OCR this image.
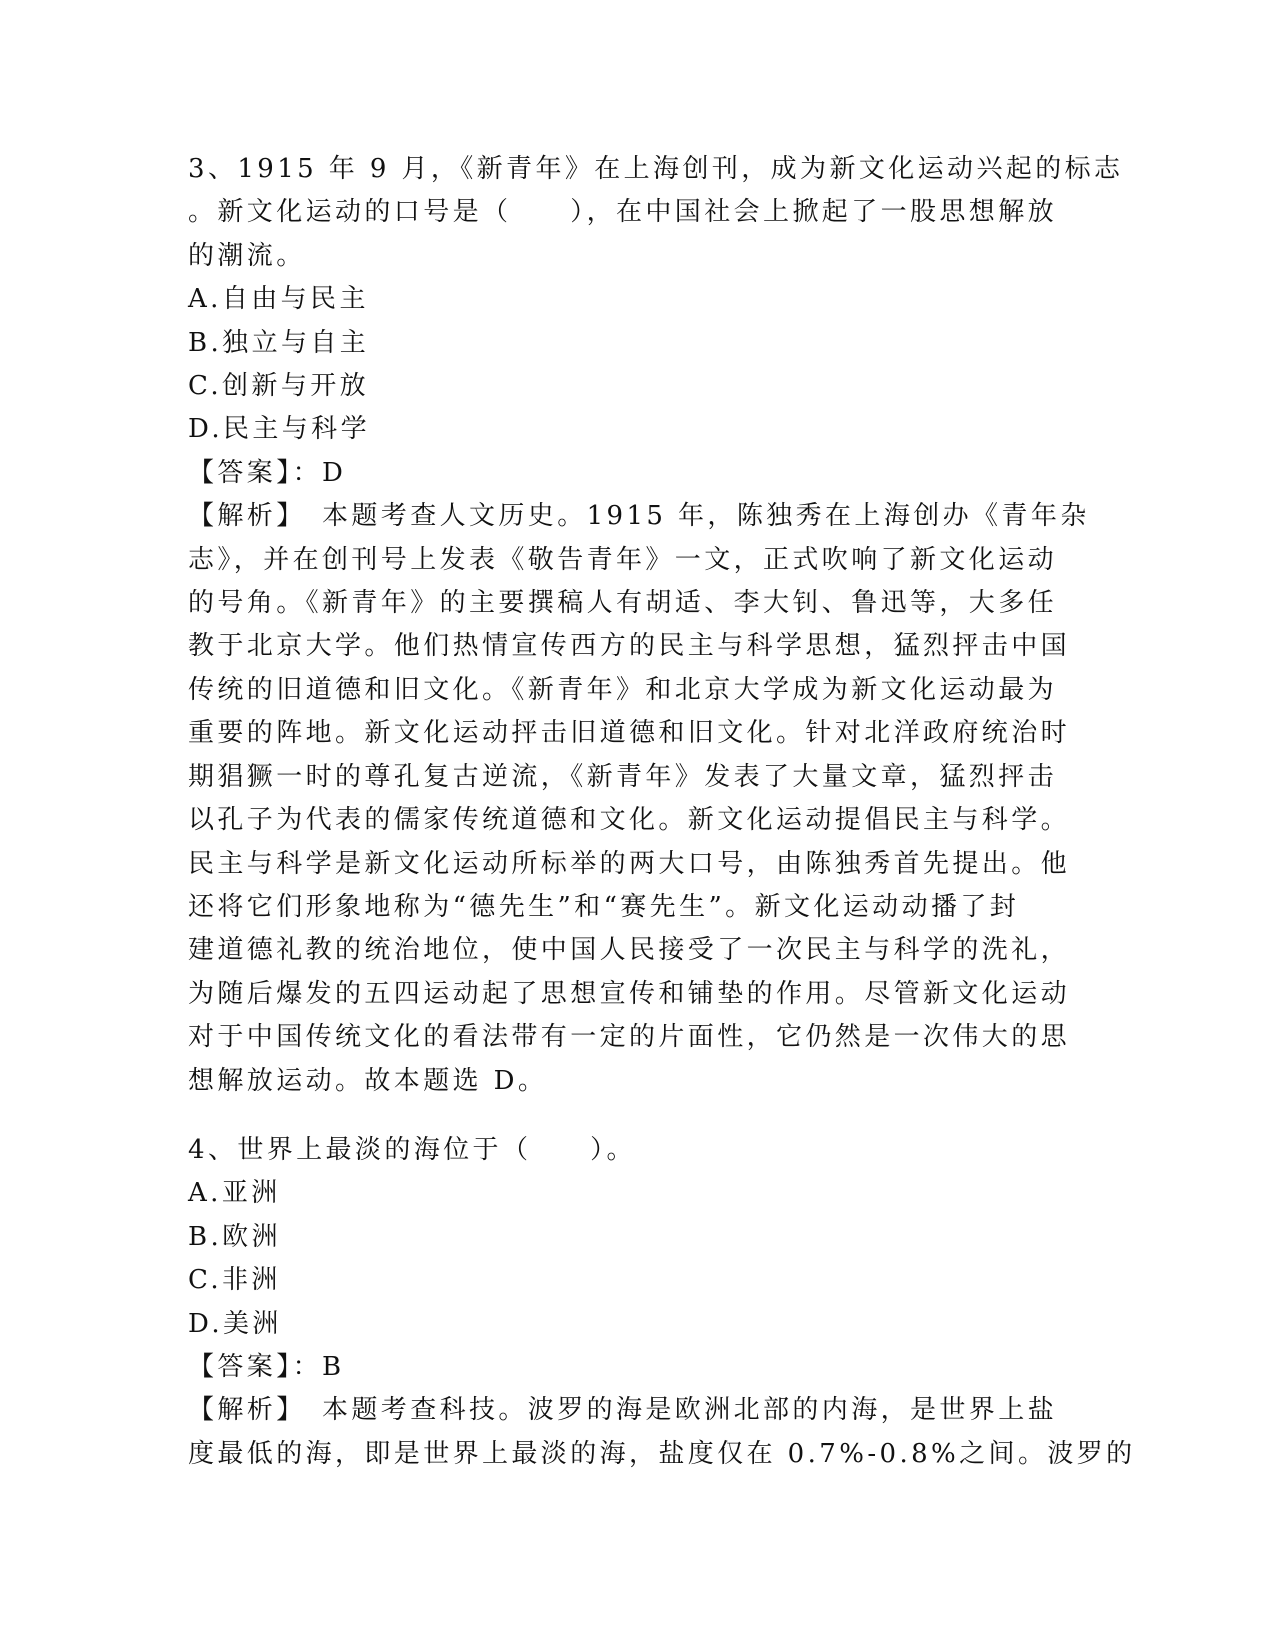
3、1915 年 9 月，《新青年》在上海创刊，成为新文化运动兴起的标志

。新文化运动的口号是（　　），在中国社会上掀起了一股思想解放

的潮流。

A.自由与民主

B.独立与自主

C.创新与开放

D.民主与科学

【答案】：D

【解析】　本题考查人文历史。1915 年，陈独秀在上海创办《青年杂

志》，并在创刊号上发表《敬告青年》一文，正式吹响了新文化运动

的号角。《新青年》的主要撰稿人有胡适、李大钊、鲁迅等，大多任

教于北京大学。他们热情宣传西方的民主与科学思想，猛烈抨击中国

传统的旧道德和旧文化。《新青年》和北京大学成为新文化运动最为

重要的阵地。新文化运动抨击旧道德和旧文化。针对北洋政府统治时

期猖獗一时的尊孔复古逆流，《新青年》发表了大量文章，猛烈抨击

以孔子为代表的儒家传统道德和文化。新文化运动提倡民主与科学。

民主与科学是新文化运动所标举的两大口号，由陈独秀首先提出。他

还将它们形象地称为“德先生”和“赛先生”。新文化运动动播了封

建道德礼教的统治地位，使中国人民接受了一次民主与科学的洗礼，

为随后爆发的五四运动起了思想宣传和铺垫的作用。尽管新文化运动

对于中国传统文化的看法带有一定的片面性，它仍然是一次伟大的思

想解放运动。故本题选 D。

4、世界上最淡的海位于（　　）。

A.亚洲

B.欧洲

C.非洲

D.美洲

【答案】：B

【解析】　本题考查科技。波罗的海是欧洲北部的内海，是世界上盐

度最低的海，即是世界上最淡的海，盐度仅在 0.7%-0.8%之间。波罗的
